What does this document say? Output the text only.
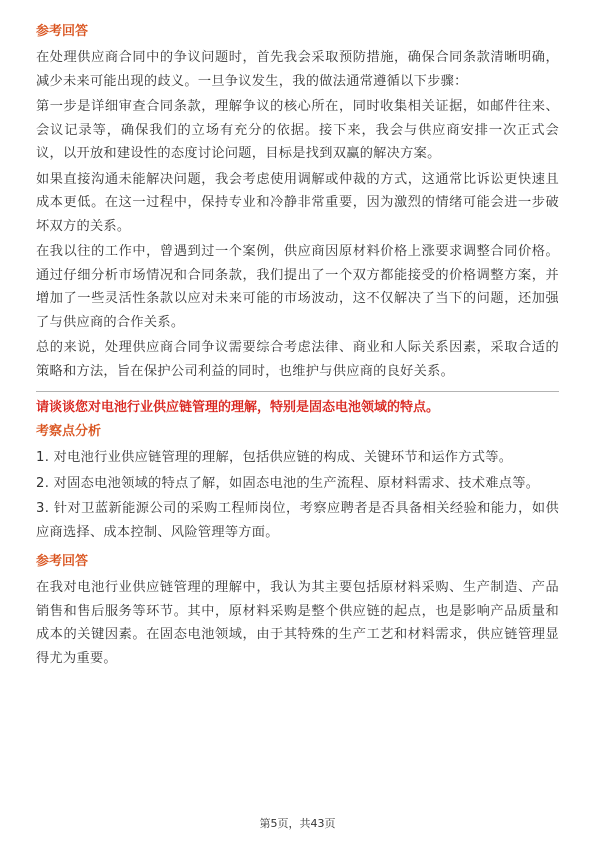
参考回答

在处理供应商合同中的争议问题时，首先我会采取预防措施，确保合同条款清晰明确，减少未来可能出现的歧义。一旦争议发生，我的做法通常遵循以下步骤：

第一步是详细审查合同条款，理解争议的核心所在，同时收集相关证据，如邮件往来、会议记录等，确保我们的立场有充分的依据。接下来，我会与供应商安排一次正式会议，以开放和建设性的态度讨论问题，目标是找到双赢的解决方案。

如果直接沟通未能解决问题，我会考虑使用调解或仲裁的方式，这通常比诉讼更快速且成本更低。在这一过程中，保持专业和冷静非常重要，因为激烈的情绪可能会进一步破坏双方的关系。

在我以往的工作中，曾遇到过一个案例，供应商因原材料价格上涨要求调整合同价格。通过仔细分析市场情况和合同条款，我们提出了一个双方都能接受的价格调整方案，并增加了一些灵活性条款以应对未来可能的市场波动，这不仅解决了当下的问题，还加强了与供应商的合作关系。

总的来说，处理供应商合同争议需要综合考虑法律、商业和人际关系因素，采取合适的策略和方法，旨在保护公司利益的同时，也维护与供应商的良好关系。

请谈谈您对电池行业供应链管理的理解，特别是固态电池领域的特点。
考察点分析

1. 对电池行业供应链管理的理解，包括供应链的构成、关键环节和运作方式等。

2. 对固态电池领域的特点了解，如固态电池的生产流程、原材料需求、技术难点等。

3. 针对卫蓝新能源公司的采购工程师岗位，考察应聘者是否具备相关经验和能力，如供应商选择、成本控制、风险管理等方面。

参考回答

在我对电池行业供应链管理的理解中，我认为其主要包括原材料采购、生产制造、产品销售和售后服务等环节。其中，原材料采购是整个供应链的起点，也是影响产品质量和成本的关键因素。在固态电池领域，由于其特殊的生产工艺和材料需求，供应链管理显得尤为重要。

第5页，共43页
